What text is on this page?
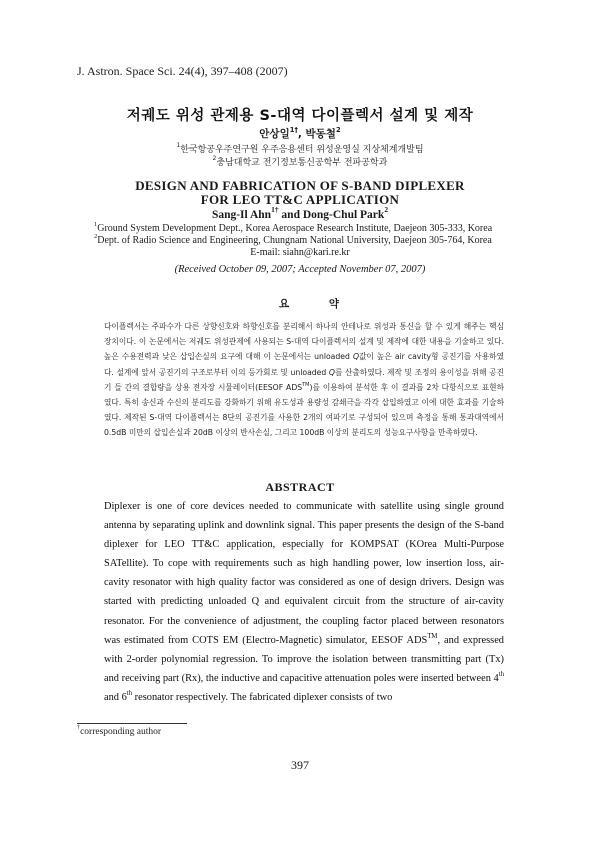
J. Astron. Space Sci. 24(4), 397–408 (2007)
저궤도 위성 관제용 S-대역 다이플렉서 설계 및 제작
안상일$^{1\dagger}$, 박동철$^2$
$^1$한국항공우주연구원 우주응용센터 위성운영실 지상체계개발팀
$^2$충남대학교 전기정보통신공학부 전파공학과
DESIGN AND FABRICATION OF S-BAND DIPLEXER
FOR LEO TT&C APPLICATION
Sang-Il Ahn$^{1\dagger}$ and Dong-Chul Park$^2$
$^1$Ground System Development Dept., Korea Aerospace Research Institute, Daejeon 305-333, Korea
$^2$Dept. of Radio Science and Engineering, Chungnam National University, Daejeon 305-764, Korea
E-mail: siahn@kari.re.kr
(Received October 09, 2007; Accepted November 07, 2007)
요 약

다이플렉서는 주파수가 다른 상향신호와 하향신호를 분리해서 하나의 안테나로 위성과 통신을 할 수 있게 해주는 핵심 장치이다. 이 논문에서는 저궤도 위성관제에 사용되는 S-대역 다이플렉서의 설계 및 제작에 대한 내용을 기술하고 있다. 높은 수용전력과 낮은 삽입손실의 요구에 대해 이 논문에서는 unloaded Q값이 높은 air cavity형 공진기를 사용하였다. 설계에 앞서 공진기의 구조로부터 이의 등가회로 및 unloaded Q를 산출하였다. 제작 및 조정의 용이성을 위해 공진기 들 간의 결합량을 상용 전자장 시뮬레이터(EESOF ADS™)를 이용하여 분석한 후 이 결과를 2차 다항식으로 표현하였다. 특히 송신과 수신의 분리도를 강화하기 위해 유도성과 용량성 감쇄극을 각각 삽입하였고 이에 대한 효과를 기술하였다. 제작된 S-대역 다이플렉서는 8단의 공진기를 사용한 2개의 여파기로 구성되어 있으며 측정을 통해 통과대역에서 0.5dB 미만의 삽입손실과 20dB 이상의 반사손실, 그리고 100dB 이상의 분리도의 성능요구사항을 만족하였다.

ABSTRACT

Diplexer is one of core devices needed to communicate with satellite using single ground antenna by separating uplink and downlink signal. This paper presents the design of the S-band diplexer for LEO TT&C application, especially for KOMPSAT (KOrea Multi-Purpose SATellite). To cope with requirements such as high handling power, low insertion loss, air-cavity resonator with high quality factor was considered as one of design drivers. Design was started with predicting unloaded Q and equivalent circuit from the structure of air-cavity resonator. For the convenience of adjustment, the coupling factor placed between resonators was estimated from COTS EM (Electro-Magnetic) simulator, EESOF ADS™, and expressed with 2-order polynomial regression. To improve the isolation between transmitting part (Tx) and receiving part (Rx), the inductive and capacitive attenuation poles were inserted between 4th and 6th resonator respectively. The fabricated diplexer consists of two

†corresponding author
397
